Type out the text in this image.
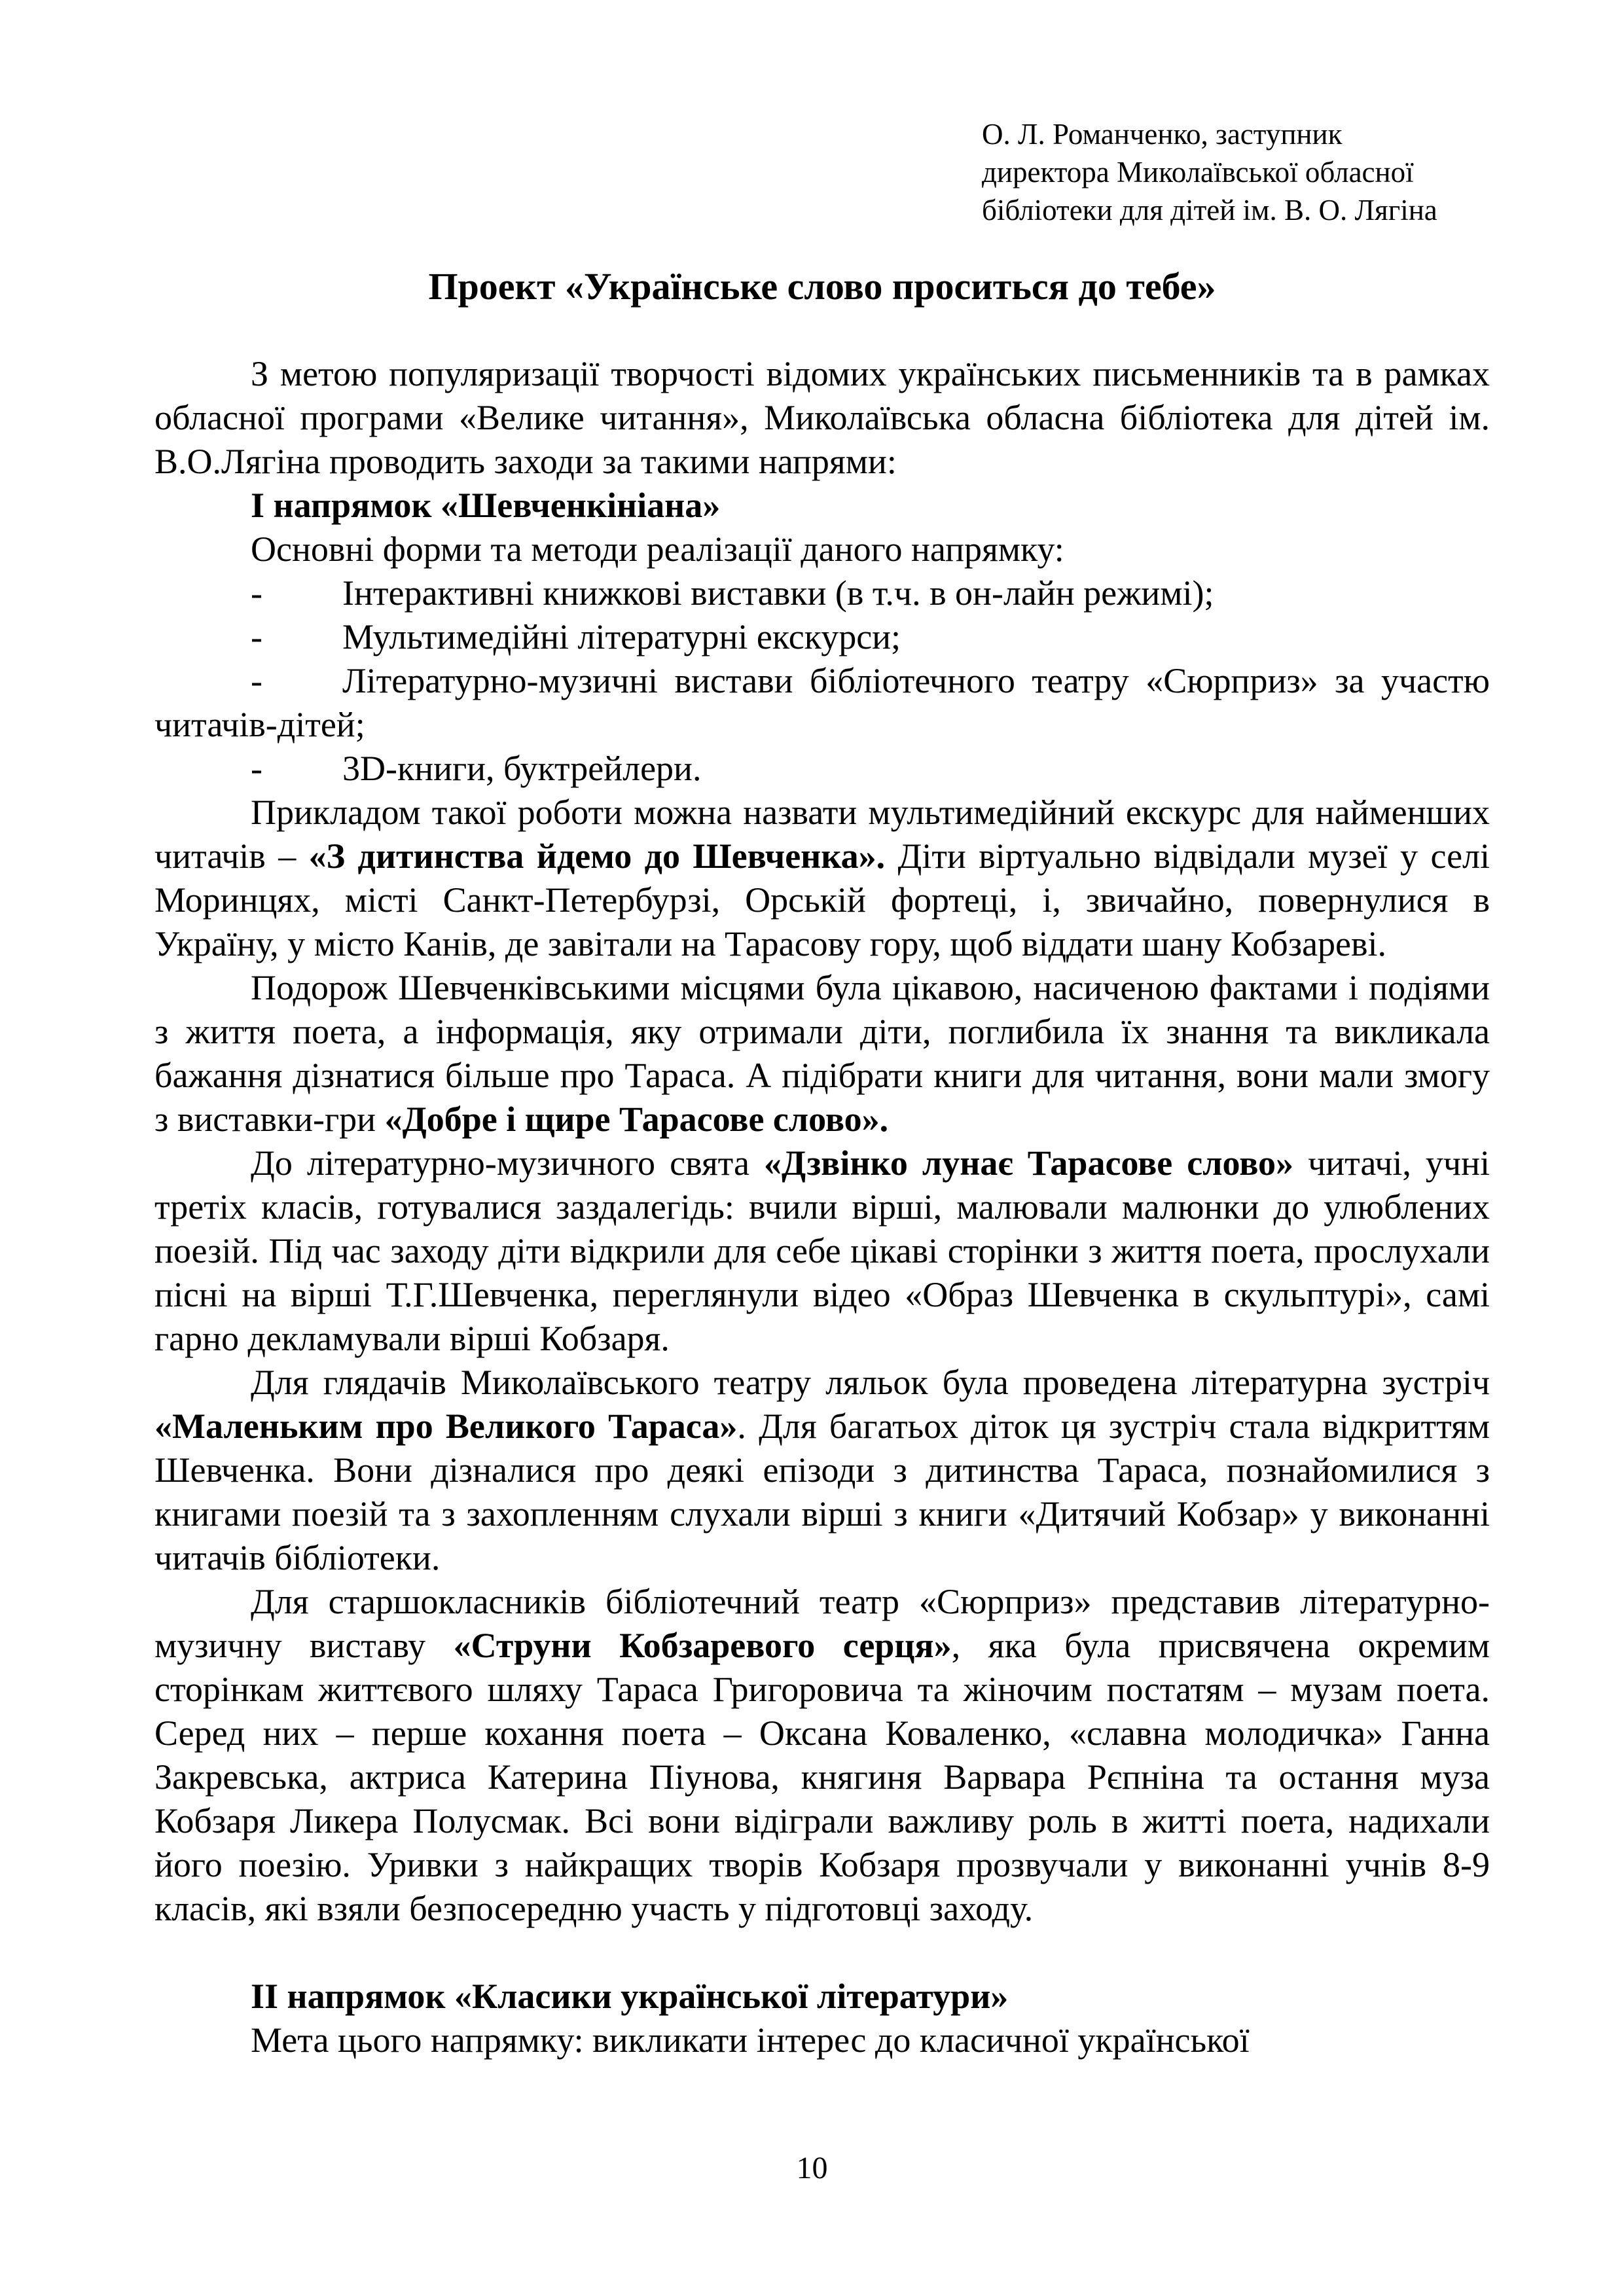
О. Л. Романченко, заступник
директора Миколаївської обласної
бібліотеки для дітей ім. В. О. Лягіна
Проект «Українське слово проситься до тебе»

З метою популяризації творчості відомих українських письменників та в рамках обласної програми «Велике читання», Миколаївська обласна бібліотека для дітей ім. В.О.Лягіна проводить заходи за такими напрями:

І напрямок «Шевченкініана»

Основні форми та методи реалізації даного напрямку:

-	Інтерактивні книжкові виставки (в т.ч. в он-лайн режимі);
-	Мультимедійні літературні екскурси;
- Літературно-музичні вистави бібліотечного театру «Сюрприз» за участю читачів-дітей;
-	3D-книги, буктрейлери.

Прикладом такої роботи можна назвати мультимедійний екскурс для найменших читачів – «З дитинства йдемо до Шевченка». Діти віртуально відвідали музеї у селі Моринцях, місті Санкт-Петербурзі, Орській фортеці, і, звичайно, повернулися в Україну, у місто Канів, де завітали на Тарасову гору, щоб віддати шану Кобзареві.

Подорож Шевченківськими місцями була цікавою, насиченою фактами і подіями з життя поета, а інформація, яку отримали діти, поглибила їх знання та викликала бажання дізнатися більше про Тараса. А підібрати книги для читання, вони мали змогу з виставки-гри «Добре і щире Тарасове слово».

До літературно-музичного свята «Дзвінко лунає Тарасове слово» читачі, учні третіх класів, готувалися заздалегідь: вчили вірші, малювали малюнки до улюблених поезій. Під час заходу діти відкрили для себе цікаві сторінки з життя поета, прослухали пісні на вірші Т.Г.Шевченка, переглянули відео «Образ Шевченка в скульптурі», самі гарно декламували вірші Кобзаря.

Для глядачів Миколаївського театру ляльок була проведена літературна зустріч «Маленьким про Великого Тараса». Для багатьох діток ця зустріч стала відкриттям Шевченка. Вони дізналися про деякі епізоди з дитинства Тараса, познайомилися з книгами поезій та з захопленням слухали вірші з книги «Дитячий Кобзар» у виконанні читачів бібліотеки.

Для старшокласників бібліотечний театр «Сюрприз» представив літературно-музичну виставу «Струни Кобзаревого серця», яка була присвячена окремим сторінкам життєвого шляху Тараса Григоровича та жіночим постатям – музам поета. Серед них – перше кохання поета – Оксана Коваленко, «славна молодичка» Ганна Закревська, актриса Катерина Піунова, княгиня Варвара Рєпніна та остання муза Кобзаря Ликера Полусмак. Всі вони відіграли важливу роль в житті поета, надихали його поезію. Уривки з найкращих творів Кобзаря прозвучали у виконанні учнів 8-9 класів, які взяли безпосередню участь у підготовці заходу.

ІІ напрямок «Класики української літератури»

Мета цього напрямку: викликати інтерес до класичної української

10
